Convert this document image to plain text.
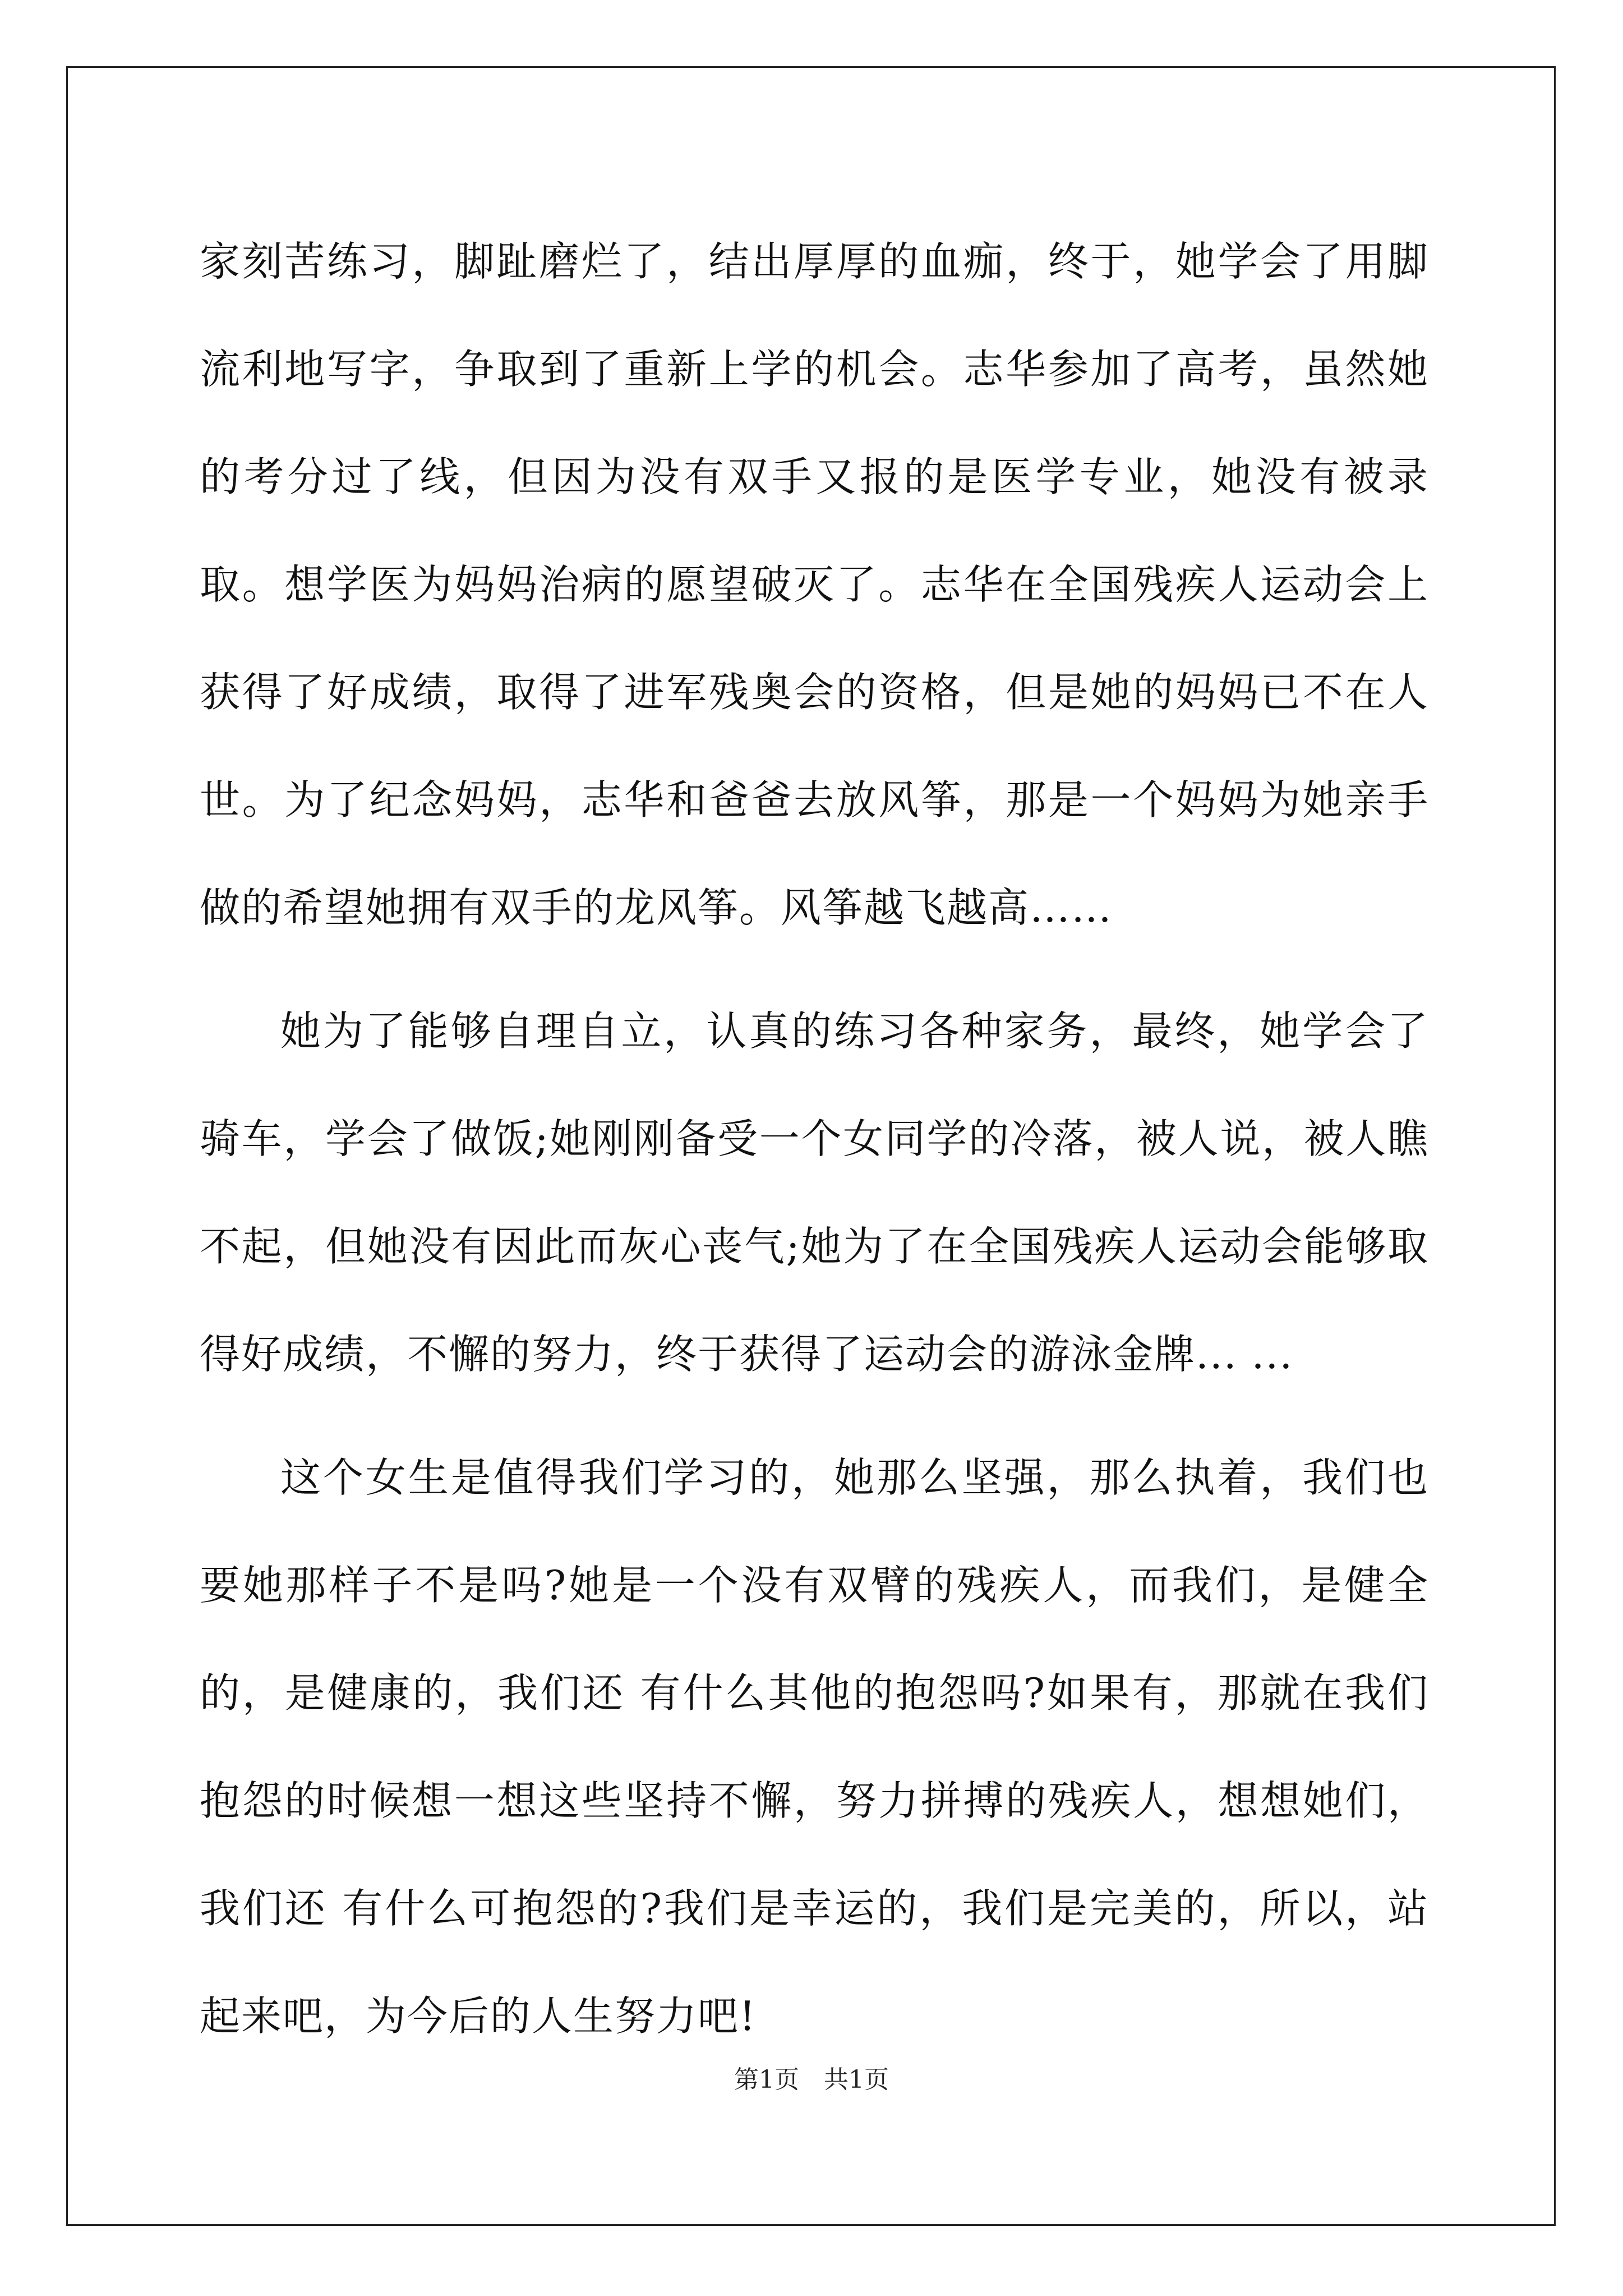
家刻苦练习，脚趾磨烂了，结出厚厚的血痂，终于，她学会了用脚流利地写字，争取到了重新上学的机会。志华参加了高考，虽然她的考分过了线，但因为没有双手又报的是医学专业，她没有被录取。想学医为妈妈治病的愿望破灭了。志华在全国残疾人运动会上获得了好成绩，取得了进军残奥会的资格，但是她的妈妈已不在人世。为了纪念妈妈，志华和爸爸去放风筝，那是一个妈妈为她亲手做的希望她拥有双手的龙风筝。风筝越飞越高……

她为了能够自理自立，认真的练习各种家务，最终，她学会了骑车，学会了做饭;她刚刚备受一个女同学的冷落，被人说，被人瞧不起，但她没有因此而灰心丧气;她为了在全国残疾人运动会能够取得好成绩，不懈的努力，终于获得了运动会的游泳金牌... ...

这个女生是值得我们学习的，她那么坚强，那么执着，我们也要她那样子不是吗?她是一个没有双臂的残疾人，而我们，是健全的，是健康的，我们还 有什么其他的抱怨吗?如果有，那就在我们抱怨的时候想一想这些坚持不懈，努力拼搏的残疾人，想想她们，我们还 有什么可抱怨的?我们是幸运的，我们是完美的，所以，站起来吧，为今后的人生努力吧!

第1页　共1页
